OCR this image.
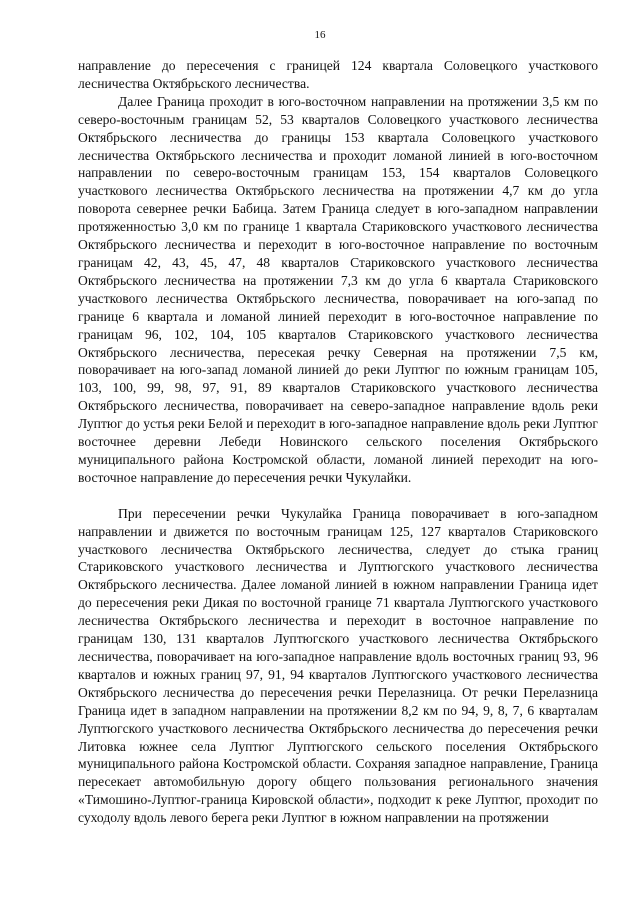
16

направление до пересечения с границей 124 квартала Соловецкого участкового лесничества Октябрьского лесничества.

Далее Граница проходит в юго-восточном направлении на протяжении 3,5 км по северо-восточным границам 52, 53 кварталов Соловецкого участкового лесничества Октябрьского лесничества до границы 153 квартала Соловецкого участкового лесничества Октябрьского лесничества и проходит ломаной линией в юго-восточном направлении по северо-восточным границам 153, 154 кварталов Соловецкого участкового лесничества Октябрьского лесничества на протяжении 4,7 км до угла поворота севернее речки Бабица. Затем Граница следует в юго-западном направлении протяженностью 3,0 км по границе 1 квартала Стариковского участкового лесничества Октябрьского лесничества и переходит в юго-восточное направление по восточным границам 42, 43, 45, 47, 48 кварталов Стариковского участкового лесничества Октябрьского лесничества на протяжении 7,3 км до угла 6 квартала Стариковского участкового лесничества Октябрьского лесничества, поворачивает на юго-запад по границе 6 квартала и ломаной линией переходит в юго-восточное направление по границам 96, 102, 104, 105 кварталов Стариковского участкового лесничества Октябрьского лесничества, пересекая речку Северная на протяжении 7,5 км, поворачивает на юго-запад ломаной линией до реки Луптюг по южным границам 105, 103, 100, 99, 98, 97, 91, 89 кварталов Стариковского участкового лесничества Октябрьского лесничества, поворачивает на северо-западное направление вдоль реки Луптюг до устья реки Белой и переходит в юго-западное направление вдоль реки Луптюг восточнее деревни Лебеди Новинского сельского поселения Октябрьского муниципального района Костромской области, ломаной линией переходит на юго-восточное направление до пересечения речки Чукулайки.

При пересечении речки Чукулайка Граница поворачивает в юго-западном направлении и движется по восточным границам 125, 127 кварталов Стариковского участкового лесничества Октябрьского лесничества, следует до стыка границ Стариковского участкового лесничества и Луптюгского участкового лесничества Октябрьского лесничества. Далее ломаной линией в южном направлении Граница идет до пересечения реки Дикая по восточной границе 71 квартала Луптюгского участкового лесничества Октябрьского лесничества и переходит в восточное направление по границам 130, 131 кварталов Луптюгского участкового лесничества Октябрьского лесничества, поворачивает на юго-западное направление вдоль восточных границ 93, 96 кварталов и южных границ 97, 91, 94 кварталов Луптюгского участкового лесничества Октябрьского лесничества до пересечения речки Перелазница. От речки Перелазница Граница идет в западном направлении на протяжении 8,2 км по 94, 9, 8, 7, 6 кварталам Луптюгского участкового лесничества Октябрьского лесничества до пересечения речки Литовка южнее села Луптюг Луптюгского сельского поселения Октябрьского муниципального района Костромской области. Сохраняя западное направление, Граница пересекает автомобильную дорогу общего пользования регионального значения «Тимошино-Луптюг-граница Кировской области», подходит к реке Луптюг, проходит по суходолу вдоль левого берега реки Луптюг в южном направлении на протяжении
